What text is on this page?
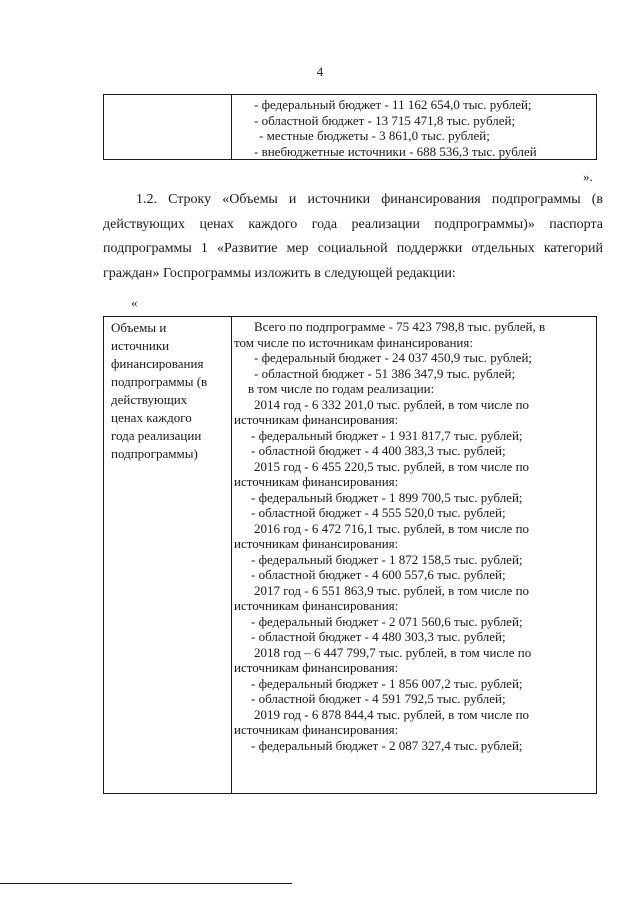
4
- федеральный бюджет - 11 162 654,0 тыс. рублей;
- областной бюджет - 13 715 471,8 тыс. рублей;
- местные бюджеты - 3 861,0 тыс. рублей;
- внебюджетные источники - 688 536,3 тыс. рублей
».
1.2. Строку «Объемы и источники финансирования подпрограммы (в действующих ценах каждого года реализации подпрограммы)» паспорта подпрограммы 1 «Развитие мер социальной поддержки отдельных категорий граждан» Госпрограммы изложить в следующей редакции:
«
Объемы и
источники
финансирования
подпрограммы (в
действующих
ценах каждого
года реализации
подпрограммы)
Всего по подпрограмме - 75 423 798,8 тыс. рублей, в
том числе по источникам финансирования:
- федеральный бюджет - 24 037 450,9 тыс. рублей;
- областной бюджет - 51 386 347,9 тыс. рублей;
в том числе по годам реализации:
2014 год - 6 332 201,0 тыс. рублей, в том числе по
источникам финансирования:
- федеральный бюджет - 1 931 817,7 тыс. рублей;
- областной бюджет - 4 400 383,3 тыс. рублей;
2015 год - 6 455 220,5 тыс. рублей, в том числе по
источникам финансирования:
- федеральный бюджет - 1 899 700,5 тыс. рублей;
- областной бюджет - 4 555 520,0 тыс. рублей;
2016 год - 6 472 716,1 тыс. рублей, в том числе по
источникам финансирования:
- федеральный бюджет - 1 872 158,5 тыс. рублей;
- областной бюджет - 4 600 557,6 тыс. рублей;
2017 год - 6 551 863,9 тыс. рублей, в том числе по
источникам финансирования:
- федеральный бюджет - 2 071 560,6 тыс. рублей;
- областной бюджет - 4 480 303,3 тыс. рублей;
2018 год – 6 447 799,7 тыс. рублей, в том числе по
источникам финансирования:
- федеральный бюджет - 1 856 007,2 тыс. рублей;
- областной бюджет - 4 591 792,5 тыс. рублей;
2019 год - 6 878 844,4 тыс. рублей, в том числе по
источникам финансирования:
- федеральный бюджет - 2 087 327,4 тыс. рублей;
